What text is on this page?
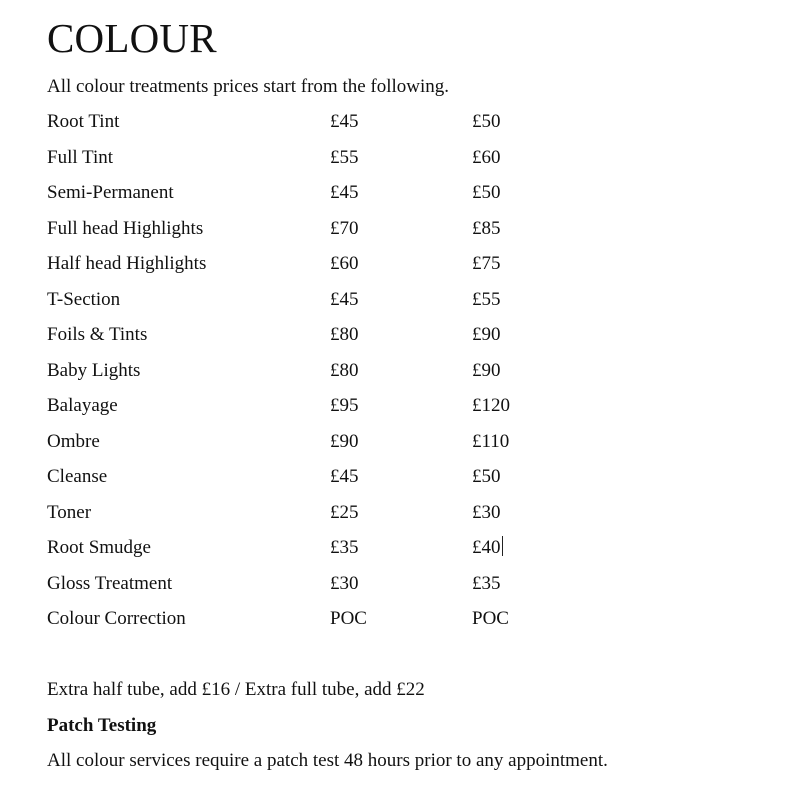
COLOUR

All colour treatments prices start from the following.

Root Tint	£45	£50
Full Tint	£55	£60
Semi-Permanent	£45	£50
Full head Highlights	£70	£85
Half head Highlights	£60	£75
T-Section	£45	£55
Foils & Tints	£80	£90
Baby Lights	£80	£90
Balayage	£95	£120
Ombre	£90	£110
Cleanse	£45	£50
Toner	£25	£30
Root Smudge	£35	£40
Gloss Treatment	£30	£35
Colour Correction	POC	POC

Extra half tube, add £16 / Extra full tube, add £22

Patch Testing

All colour services require a patch test 48 hours prior to any appointment.
